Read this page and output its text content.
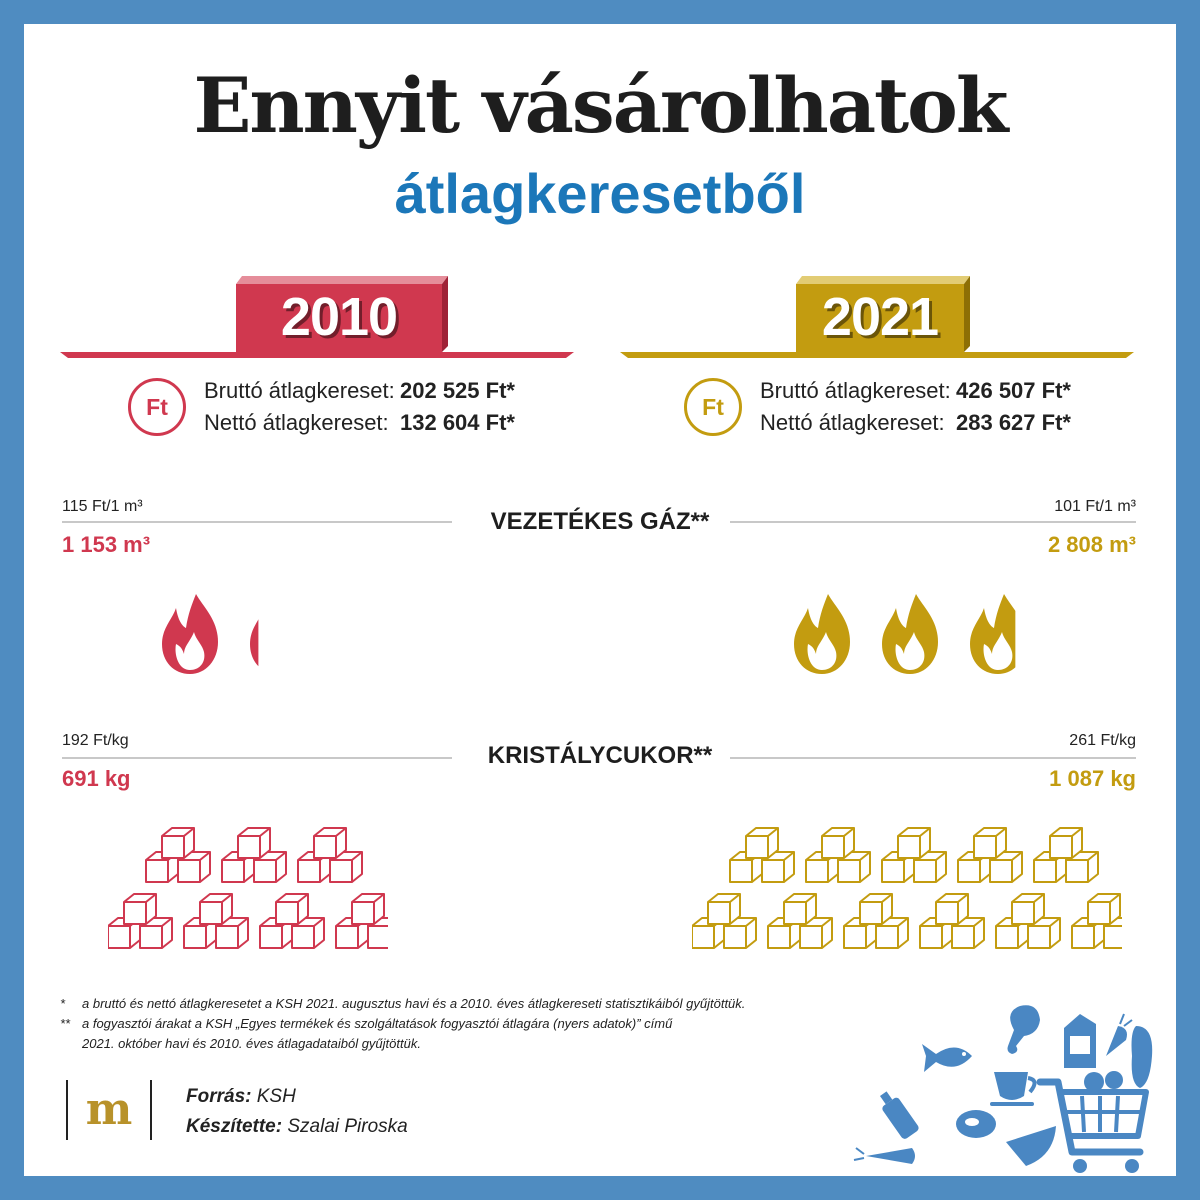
Ennyit vásárolhatok
átlagkeresetből
2010	2021
Ft
Bruttó átlagkereset: 202 525 Ft*
Nettó átlagkereset: 132 604 Ft*
Ft
Bruttó átlagkereset: 426 507 Ft*
Nettó átlagkereset: 283 627 Ft*
115 Ft/1 m³
1 153 m³
VEZETÉKES GÁZ**
101 Ft/1 m³
2 808 m³
192 Ft/kg
691 kg
KRISTÁLYCUKOR**
261 Ft/kg
1 087 kg
* a bruttó és nettó átlagkeresetet a KSH 2021. augusztus havi és a 2010. éves átlagkereseti statisztikáiból gyűjtöttük.
** a fogyasztói árakat a KSH „Egyes termékek és szolgáltatások fogyasztói átlagára (nyers adatok)” című
2021. október havi és 2010. éves átlagadataiból gyűjtöttük.
m	Forrás: KSH
Készítette: Szalai Piroska
